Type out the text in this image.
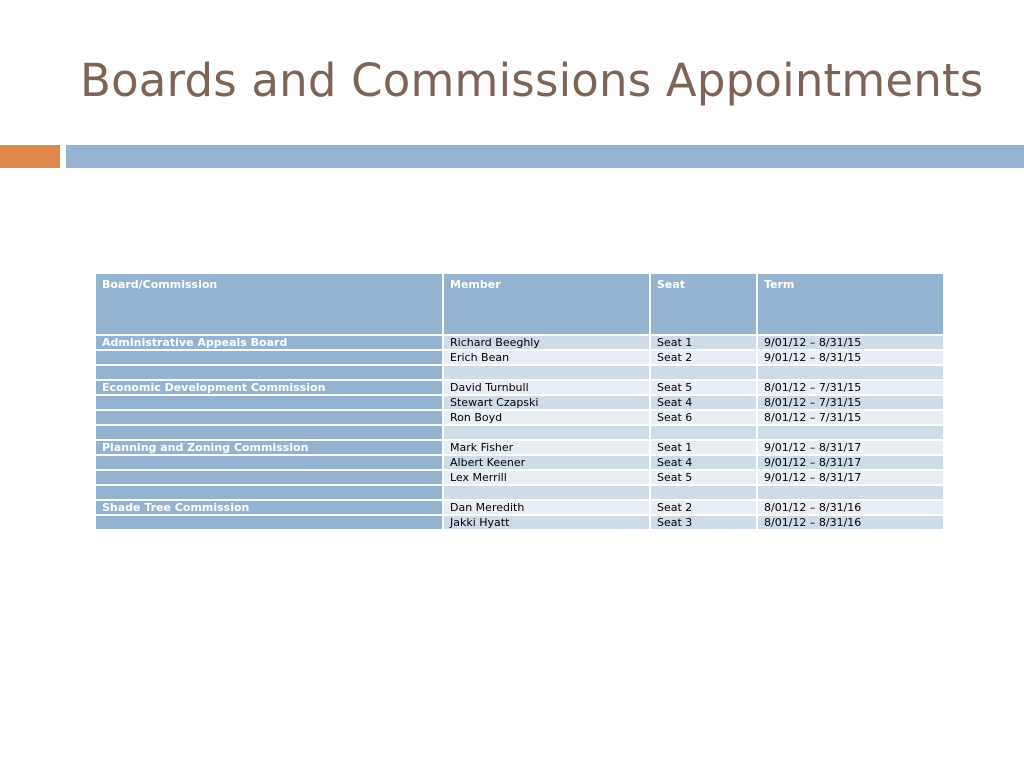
Boards and Commissions Appointments
Board/Commission	Member	Seat	Term
Administrative Appeals Board	Richard Beeghly	Seat 1	9/01/12 – 8/31/15
	Erich Bean	Seat 2	9/01/12 – 8/31/15

Economic Development Commission	David Turnbull	Seat 5	8/01/12 – 7/31/15
	Stewart Czapski	Seat 4	8/01/12 – 7/31/15
	Ron Boyd	Seat 6	8/01/12 – 7/31/15

Planning and Zoning Commission	Mark Fisher	Seat 1	9/01/12 – 8/31/17
	Albert Keener	Seat 4	9/01/12 – 8/31/17
	Lex Merrill	Seat 5	9/01/12 – 8/31/17

Shade Tree Commission	Dan Meredith	Seat 2	8/01/12 – 8/31/16
	Jakki Hyatt	Seat 3	8/01/12 – 8/31/16
